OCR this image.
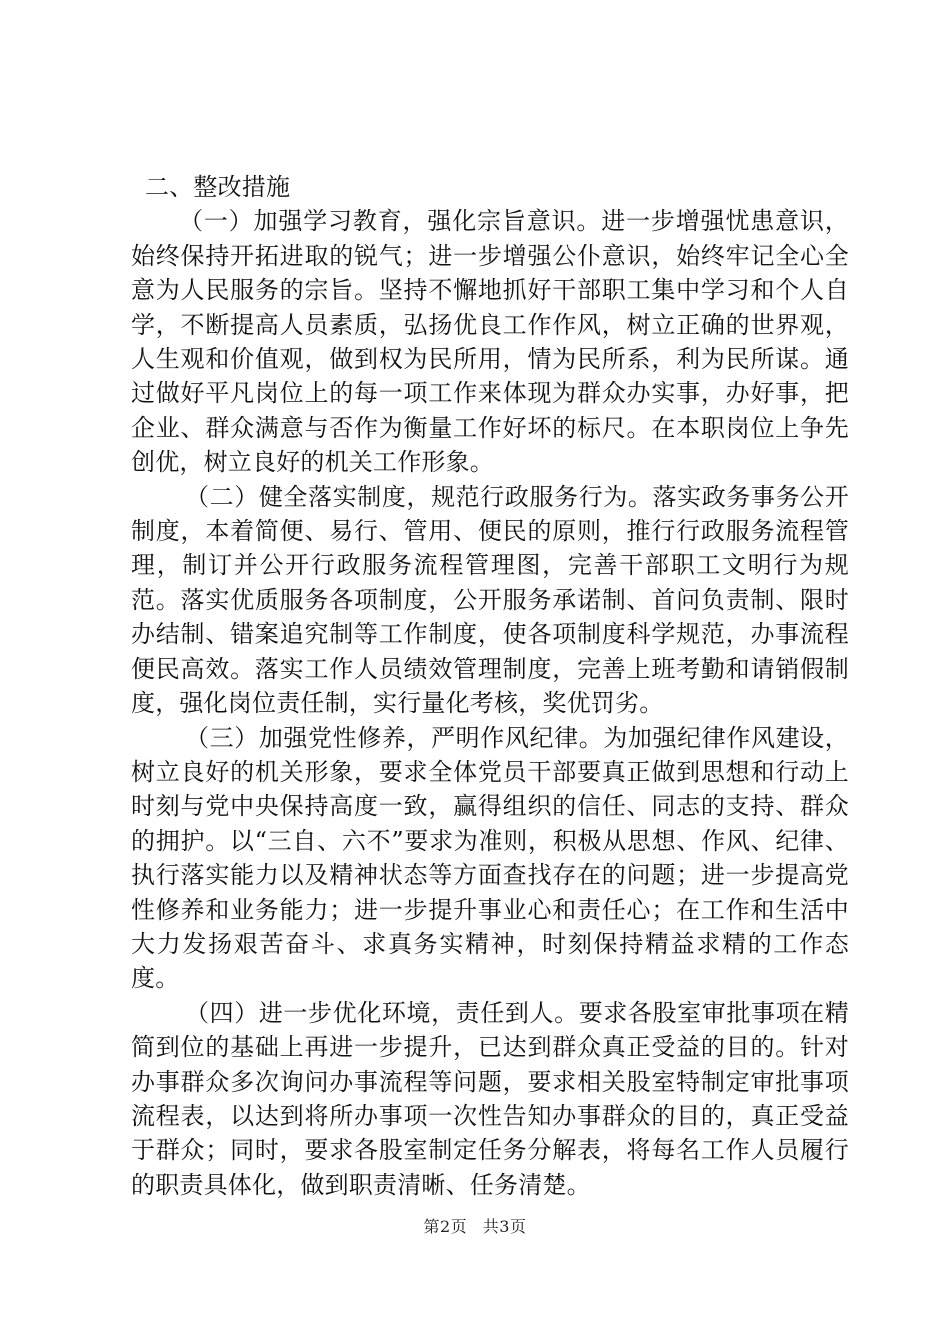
二、整改措施

（一）加强学习教育，强化宗旨意识。进一步增强忧患意识，始终保持开拓进取的锐气；进一步增强公仆意识，始终牢记全心全意为人民服务的宗旨。坚持不懈地抓好干部职工集中学习和个人自学，不断提高人员素质，弘扬优良工作作风，树立正确的世界观，人生观和价值观，做到权为民所用，情为民所系，利为民所谋。通过做好平凡岗位上的每一项工作来体现为群众办实事，办好事，把企业、群众满意与否作为衡量工作好坏的标尺。在本职岗位上争先创优，树立良好的机关工作形象。

（二）健全落实制度，规范行政服务行为。落实政务事务公开制度，本着简便、易行、管用、便民的原则，推行行政服务流程管理，制订并公开行政服务流程管理图，完善干部职工文明行为规范。落实优质服务各项制度，公开服务承诺制、首问负责制、限时办结制、错案追究制等工作制度，使各项制度科学规范，办事流程便民高效。落实工作人员绩效管理制度，完善上班考勤和请销假制度，强化岗位责任制，实行量化考核，奖优罚劣。

（三）加强党性修养，严明作风纪律。为加强纪律作风建设，树立良好的机关形象，要求全体党员干部要真正做到思想和行动上时刻与党中央保持高度一致，赢得组织的信任、同志的支持、群众的拥护。以“三自、六不”要求为准则，积极从思想、作风、纪律、执行落实能力以及精神状态等方面查找存在的问题；进一步提高党性修养和业务能力；进一步提升事业心和责任心；在工作和生活中大力发扬艰苦奋斗、求真务实精神，时刻保持精益求精的工作态度。

（四）进一步优化环境，责任到人。要求各股室审批事项在精简到位的基础上再进一步提升，已达到群众真正受益的目的。针对办事群众多次询问办事流程等问题，要求相关股室特制定审批事项流程表，以达到将所办事项一次性告知办事群众的目的，真正受益于群众；同时，要求各股室制定任务分解表，将每名工作人员履行的职责具体化，做到职责清晰、任务清楚。

第2页 共3页
